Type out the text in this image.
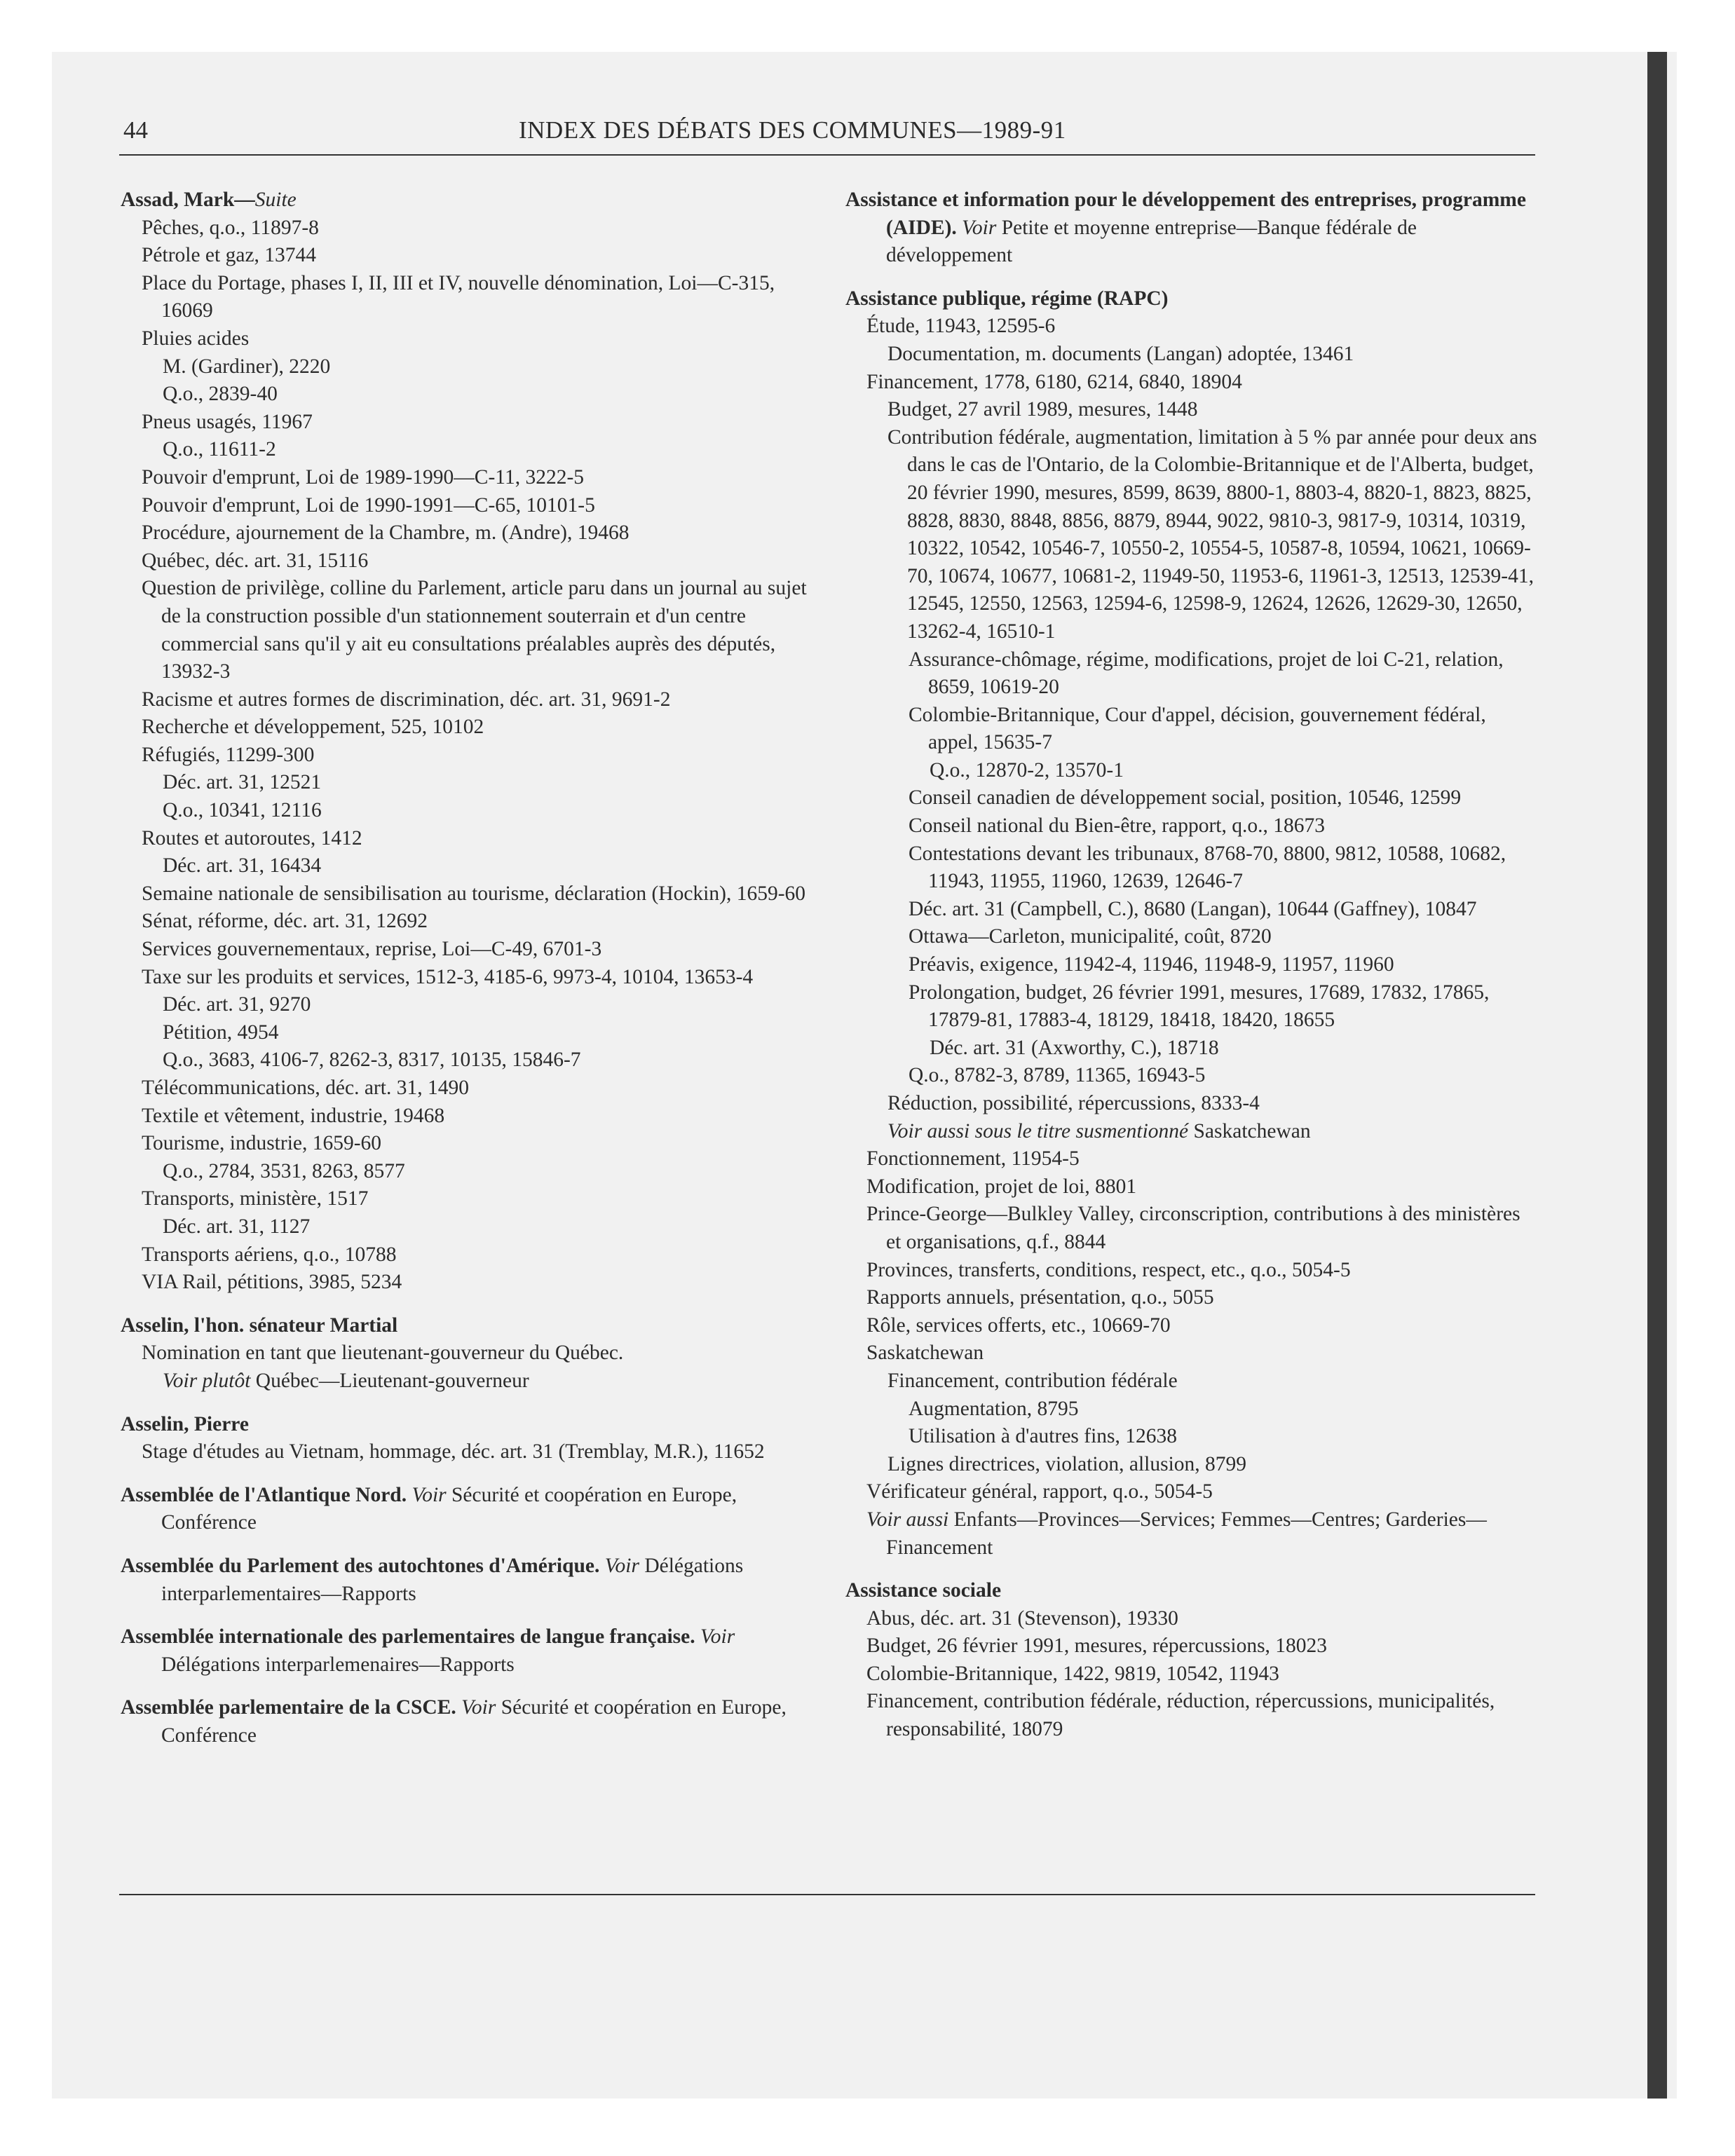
44	INDEX DES DÉBATS DES COMMUNES—1989-91
Assad, Mark—Suite
Pêches, q.o., 11897-8
Pétrole et gaz, 13744
Place du Portage, phases I, II, III et IV, nouvelle dénomination, Loi—C-315, 16069
Pluies acides
M. (Gardiner), 2220
Q.o., 2839-40
Pneus usagés, 11967
Q.o., 11611-2
Pouvoir d'emprunt, Loi de 1989-1990—C-11, 3222-5
Pouvoir d'emprunt, Loi de 1990-1991—C-65, 10101-5
Procédure, ajournement de la Chambre, m. (Andre), 19468
Québec, déc. art. 31, 15116
Question de privilège, colline du Parlement, article paru dans un journal au sujet de la construction possible d'un stationnement souterrain et d'un centre commercial sans qu'il y ait eu consultations préalables auprès des députés, 13932-3
Racisme et autres formes de discrimination, déc. art. 31, 9691-2
Recherche et développement, 525, 10102
Réfugiés, 11299-300
Déc. art. 31, 12521
Q.o., 10341, 12116
Routes et autoroutes, 1412
Déc. art. 31, 16434
Semaine nationale de sensibilisation au tourisme, déclaration (Hockin), 1659-60
Sénat, réforme, déc. art. 31, 12692
Services gouvernementaux, reprise, Loi—C-49, 6701-3
Taxe sur les produits et services, 1512-3, 4185-6, 9973-4, 10104, 13653-4
Déc. art. 31, 9270
Pétition, 4954
Q.o., 3683, 4106-7, 8262-3, 8317, 10135, 15846-7
Télécommunications, déc. art. 31, 1490
Textile et vêtement, industrie, 19468
Tourisme, industrie, 1659-60
Q.o., 2784, 3531, 8263, 8577
Transports, ministère, 1517
Déc. art. 31, 1127
Transports aériens, q.o., 10788
VIA Rail, pétitions, 3985, 5234
Asselin, l'hon. sénateur Martial
Nomination en tant que lieutenant-gouverneur du Québec.
Voir plutôt Québec—Lieutenant-gouverneur
Asselin, Pierre
Stage d'études au Vietnam, hommage, déc. art. 31 (Tremblay, M.R.), 11652
Assemblée de l'Atlantique Nord. Voir Sécurité et coopération en Europe, Conférence
Assemblée du Parlement des autochtones d'Amérique. Voir Délégations interparlementaires—Rapports
Assemblée internationale des parlementaires de langue française. Voir Délégations interparlemenaires—Rapports
Assemblée parlementaire de la CSCE. Voir Sécurité et coopération en Europe, Conférence
Assistance et information pour le développement des entreprises, programme (AIDE). Voir Petite et moyenne entreprise—Banque fédérale de développement
Assistance publique, régime (RAPC)
Étude, 11943, 12595-6
Documentation, m. documents (Langan) adoptée, 13461
Financement, 1778, 6180, 6214, 6840, 18904
Budget, 27 avril 1989, mesures, 1448
Contribution fédérale, augmentation, limitation à 5 % par année pour deux ans dans le cas de l'Ontario, de la Colombie-Britannique et de l'Alberta, budget, 20 février 1990, mesures, 8599, 8639, 8800-1, 8803-4, 8820-1, 8823, 8825, 8828, 8830, 8848, 8856, 8879, 8944, 9022, 9810-3, 9817-9, 10314, 10319, 10322, 10542, 10546-7, 10550-2, 10554-5, 10587-8, 10594, 10621, 10669-70, 10674, 10677, 10681-2, 11949-50, 11953-6, 11961-3, 12513, 12539-41, 12545, 12550, 12563, 12594-6, 12598-9, 12624, 12626, 12629-30, 12650, 13262-4, 16510-1
Assurance-chômage, régime, modifications, projet de loi C-21, relation, 8659, 10619-20
Colombie-Britannique, Cour d'appel, décision, gouvernement fédéral, appel, 15635-7
Q.o., 12870-2, 13570-1
Conseil canadien de développement social, position, 10546, 12599
Conseil national du Bien-être, rapport, q.o., 18673
Contestations devant les tribunaux, 8768-70, 8800, 9812, 10588, 10682, 11943, 11955, 11960, 12639, 12646-7
Déc. art. 31 (Campbell, C.), 8680 (Langan), 10644 (Gaffney), 10847
Ottawa—Carleton, municipalité, coût, 8720
Préavis, exigence, 11942-4, 11946, 11948-9, 11957, 11960
Prolongation, budget, 26 février 1991, mesures, 17689, 17832, 17865, 17879-81, 17883-4, 18129, 18418, 18420, 18655
Déc. art. 31 (Axworthy, C.), 18718
Q.o., 8782-3, 8789, 11365, 16943-5
Réduction, possibilité, répercussions, 8333-4
Voir aussi sous le titre susmentionné Saskatchewan
Fonctionnement, 11954-5
Modification, projet de loi, 8801
Prince-George—Bulkley Valley, circonscription, contributions à des ministères et organisations, q.f., 8844
Provinces, transferts, conditions, respect, etc., q.o., 5054-5
Rapports annuels, présentation, q.o., 5055
Rôle, services offerts, etc., 10669-70
Saskatchewan
Financement, contribution fédérale
Augmentation, 8795
Utilisation à d'autres fins, 12638
Lignes directrices, violation, allusion, 8799
Vérificateur général, rapport, q.o., 5054-5
Voir aussi Enfants—Provinces—Services; Femmes—Centres; Garderies—Financement
Assistance sociale
Abus, déc. art. 31 (Stevenson), 19330
Budget, 26 février 1991, mesures, répercussions, 18023
Colombie-Britannique, 1422, 9819, 10542, 11943
Financement, contribution fédérale, réduction, répercussions, municipalités, responsabilité, 18079
